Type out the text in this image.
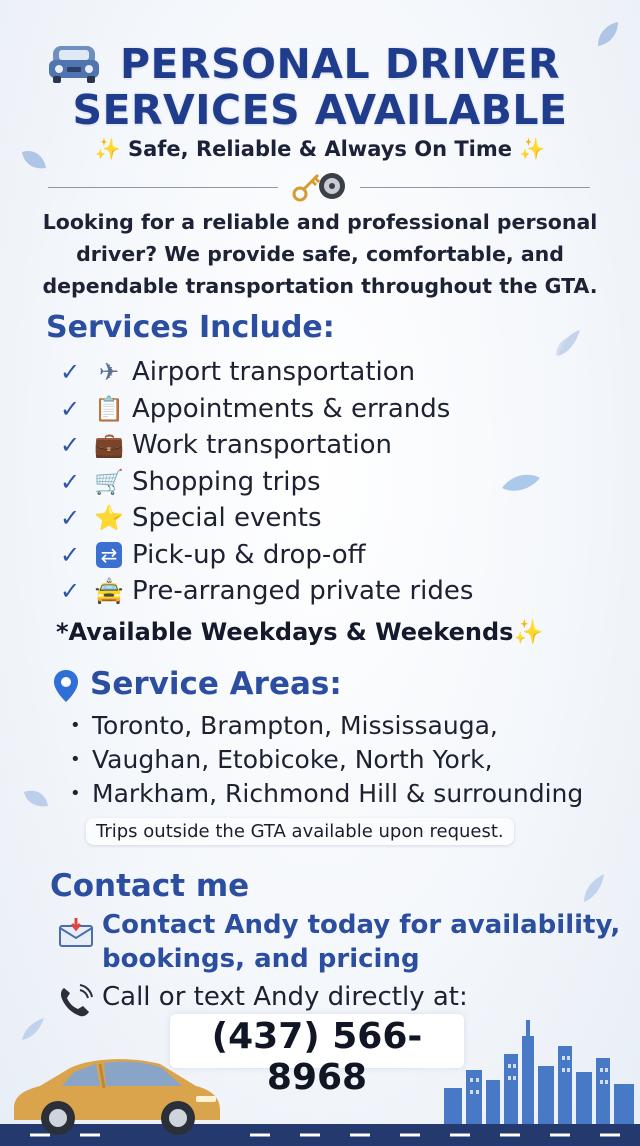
PERSONAL DRIVER
SERVICES AVAILABLE
✨ Safe, Reliable & Always On Time ✨
Looking for a reliable and professional personal driver? We provide safe, comfortable, and dependable transportation throughout the GTA.
Services Include:
✓ ✈ Airport transportation
✓ 📋 Appointments & errands
✓ 💼 Work transportation
✓ 🛒 Shopping trips
✓ ⭐ Special events
✓	⇄ Pick-up & drop-off
✓ 🚖 Pre-arranged private rides
*Available Weekdays & Weekends✨
Service Areas:
• Toronto, Brampton, Mississauga,
• Vaughan, Etobicoke, North York,
• Markham, Richmond Hill & surrounding
Trips outside the GTA available upon request.
Contact me
Contact Andy today for availability,
bookings, and pricing
Call or text Andy directly at:
(437) 566-8968
